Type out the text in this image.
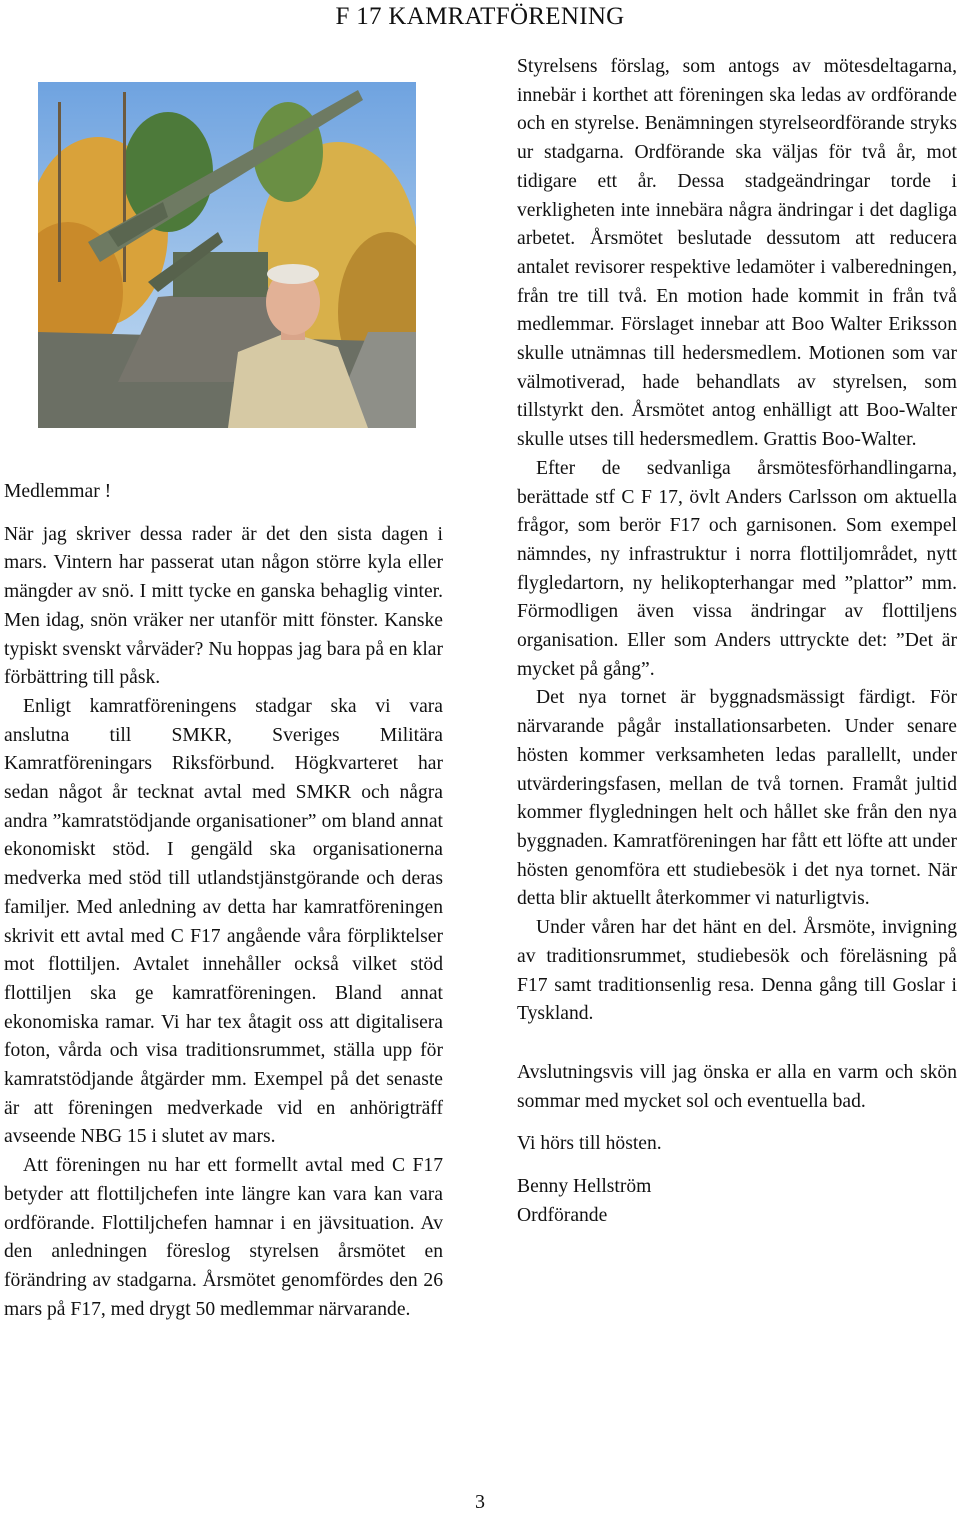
F 17 KAMRATFÖRENING

Medlemmar !

När jag skriver dessa rader är det den sista dagen i mars. Vintern har passerat utan någon större kyla eller mängder av snö. I mitt tycke en ganska behaglig vinter. Men idag, snön vräker ner utanför mitt fönster. Kanske typiskt svenskt vårväder? Nu hoppas jag bara på en klar förbättring till påsk.

Enligt kamratföreningens stadgar ska vi vara anslutna till SMKR, Sveriges Militära Kamratföreningars Riksförbund. Högkvarteret har sedan något år tecknat avtal med SMKR och några andra ”kamratstödjande organisationer” om bland annat ekonomiskt stöd. I gengäld ska organisationerna medverka med stöd till utlandstjänstgörande och deras familjer. Med anledning av detta har kamratföreningen skrivit ett avtal med C F17 angående våra förpliktelser mot flottiljen. Avtalet innehåller också vilket stöd flottiljen ska ge kamratföreningen. Bland annat ekonomiska ramar. Vi har tex åtagit oss att digitalisera foton, vårda och visa traditionsrummet, ställa upp för kamratstödjande åtgärder mm. Exempel på det senaste är att föreningen medverkade vid en anhörigträff avseende NBG 15 i slutet av mars.

Att föreningen nu har ett formellt avtal med C F17 betyder att flottiljchefen inte längre kan vara kan vara ordförande. Flottiljchefen hamnar i en jävsituation. Av den anledningen föreslog styrelsen årsmötet en förändring av stadgarna. Årsmötet genomfördes den 26 mars på F17, med drygt 50 medlemmar närvarande.

Styrelsens förslag, som antogs av mötesdeltagarna, innebär i korthet att föreningen ska ledas av ordförande och en styrelse. Benämningen styrelseordförande stryks ur stadgarna. Ordförande ska väljas för två år, mot tidigare ett år. Dessa stadgeändringar torde i verkligheten inte innebära några ändringar i det dagliga arbetet. Årsmötet beslutade dessutom att reducera antalet revisorer respektive ledamöter i valberedningen, från tre till två. En motion hade kommit in från två medlemmar. Förslaget innebar att Boo Walter Eriksson skulle utnämnas till hedersmedlem. Motionen som var välmotiverad, hade behandlats av styrelsen, som tillstyrkt den. Årsmötet antog enhälligt att Boo-Walter skulle utses till hedersmedlem. Grattis Boo-Walter.

Efter de sedvanliga årsmötesförhandlingarna, berättade stf C F 17, övlt Anders Carlsson om aktuella frågor, som berör F17 och garnisonen. Som exempel nämndes, ny infrastruktur i norra flottiljområdet, nytt flygledartorn, ny helikopterhangar med ”plattor” mm. Förmodligen även vissa ändringar av flottiljens organisation. Eller som Anders uttryckte det: ”Det är mycket på gång”.

Det nya tornet är byggnadsmässigt färdigt. För närvarande pågår installationsarbeten. Under senare hösten kommer verksamheten ledas parallellt, under utvärderingsfasen, mellan de två tornen. Framåt jultid kommer flygledningen helt och hållet ske från den nya byggnaden. Kamratföreningen har fått ett löfte att under hösten genomföra ett studiebesök i det nya tornet. När detta blir aktuellt återkommer vi naturligtvis.

Under våren har det hänt en del. Årsmöte, invigning av traditionsrummet, studiebesök och föreläsning på F17 samt traditionsenlig resa. Denna gång till Goslar i Tyskland.

Avslutningsvis vill jag önska er alla en varm och skön sommar med mycket sol och eventuella bad.

Vi hörs till hösten.

Benny Hellström

Ordförande

3
